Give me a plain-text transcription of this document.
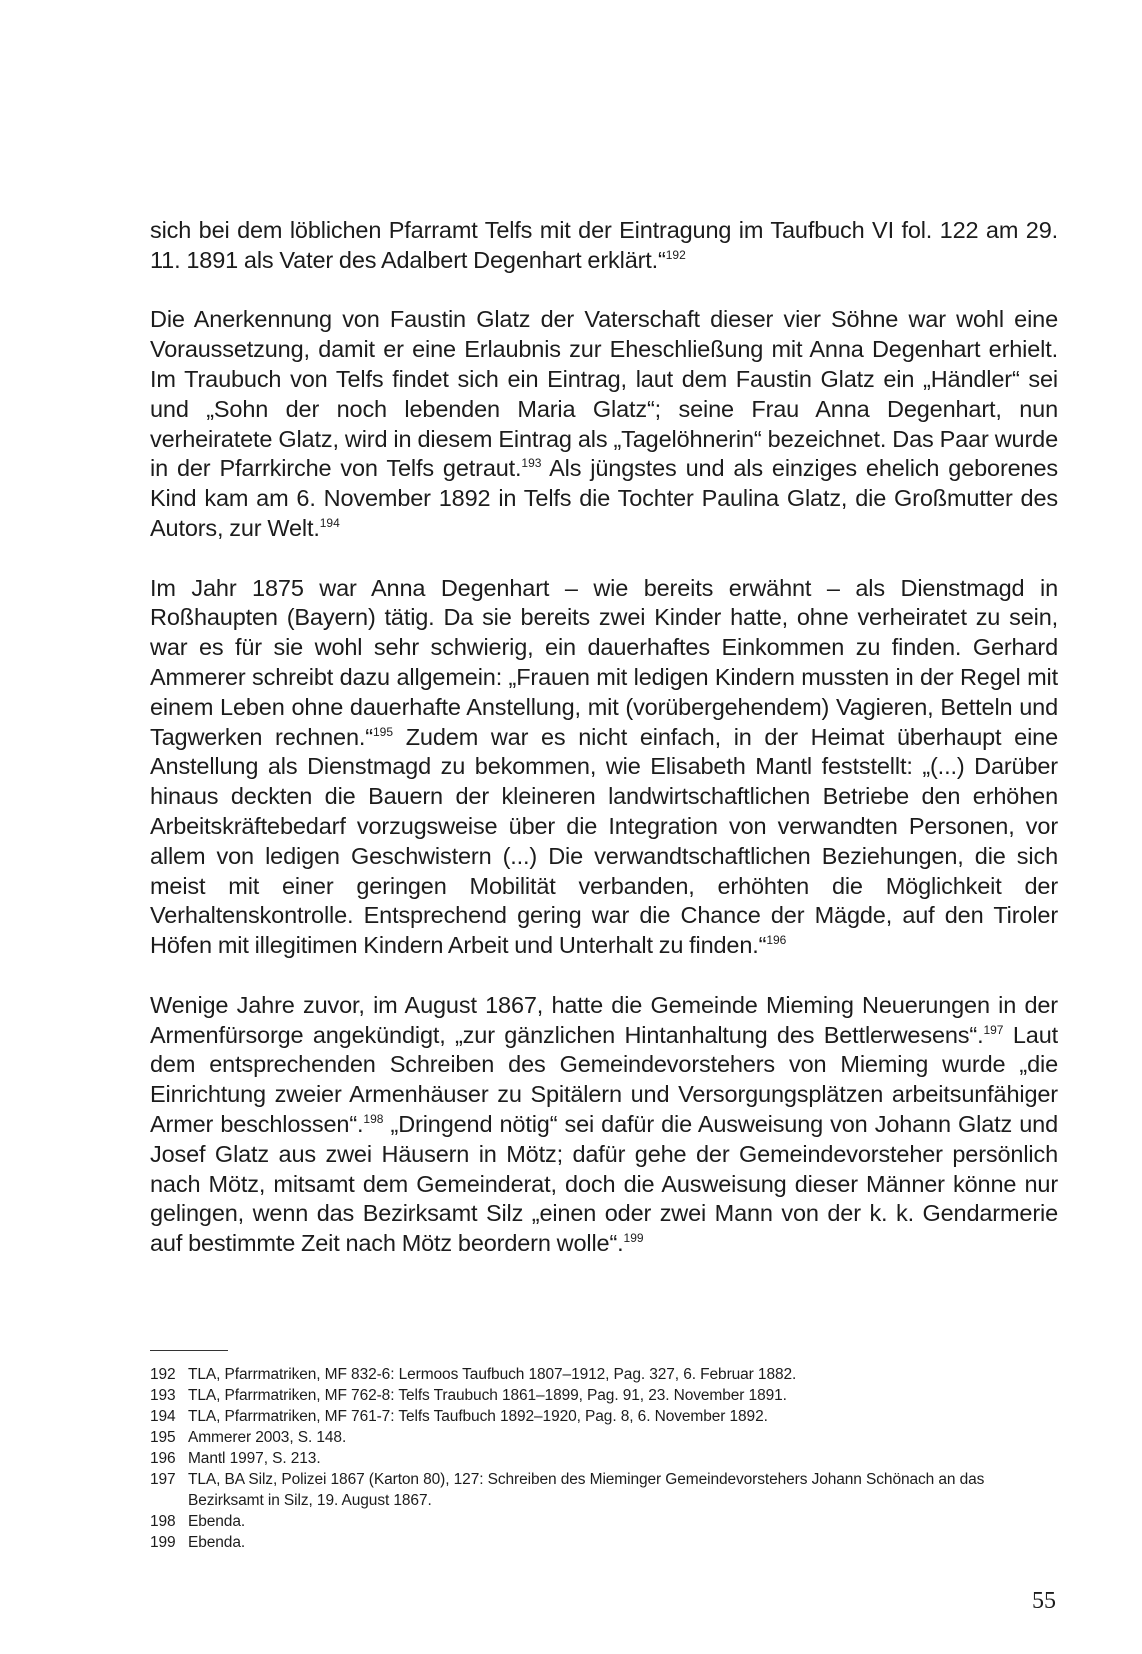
sich bei dem löblichen Pfarramt Telfs mit der Eintragung im Taufbuch VI fol. 122 am 29. 11. 1891 als Vater des Adalbert Degenhart erklärt.“$^{192}$

Die Anerkennung von Faustin Glatz der Vaterschaft dieser vier Söhne war wohl eine Voraussetzung, damit er eine Erlaubnis zur Eheschließung mit Anna Degenhart erhielt. Im Traubuch von Telfs findet sich ein Eintrag, laut dem Faustin Glatz ein „Händler“ sei und „Sohn der noch lebenden Maria Glatz“; seine Frau Anna Degenhart, nun verheiratete Glatz, wird in diesem Eintrag als „Tagelöhnerin“ bezeichnet. Das Paar wurde in der Pfarrkirche von Telfs getraut.$^{193}$ Als jüngstes und als einziges ehelich geborenes Kind kam am 6. November 1892 in Telfs die Tochter Paulina Glatz, die Großmutter des Autors, zur Welt.$^{194}$

Im Jahr 1875 war Anna Degenhart – wie bereits erwähnt – als Dienstmagd in Roßhaupten (Bayern) tätig. Da sie bereits zwei Kinder hatte, ohne verheiratet zu sein, war es für sie wohl sehr schwierig, ein dauerhaftes Einkommen zu finden. Gerhard Ammerer schreibt dazu allgemein: „Frauen mit ledigen Kindern mussten in der Regel mit einem Leben ohne dauerhafte Anstellung, mit (vorübergehendem) Vagieren, Betteln und Tagwerken rechnen.“$^{195}$ Zudem war es nicht einfach, in der Heimat überhaupt eine Anstellung als Dienstmagd zu bekommen, wie Elisabeth Mantl feststellt: „(...) Darüber hinaus deckten die Bauern der kleineren landwirtschaftlichen Betriebe den erhöhen Arbeitskräftebedarf vorzugsweise über die Integration von verwandten Personen, vor allem von ledigen Geschwistern (...) Die verwandtschaftlichen Beziehungen, die sich meist mit einer geringen Mobilität verbanden, erhöhten die Möglichkeit der Verhaltenskontrolle. Entsprechend gering war die Chance der Mägde, auf den Tiroler Höfen mit illegitimen Kindern Arbeit und Unterhalt zu finden.“$^{196}$

Wenige Jahre zuvor, im August 1867, hatte die Gemeinde Mieming Neuerungen in der Armenfürsorge angekündigt, „zur gänzlichen Hintanhaltung des Bettlerwesens“.$^{197}$ Laut dem entsprechenden Schreiben des Gemeindevorstehers von Mieming wurde „die Einrichtung zweier Armenhäuser zu Spitälern und Versorgungsplätzen arbeitsunfähiger Armer beschlossen“.$^{198}$ „Dringend nötig“ sei dafür die Ausweisung von Johann Glatz und Josef Glatz aus zwei Häusern in Mötz; dafür gehe der Gemeindevorsteher persönlich nach Mötz, mitsamt dem Gemeinderat, doch die Ausweisung dieser Männer könne nur gelingen, wenn das Bezirksamt Silz „einen oder zwei Mann von der k. k. Gendarmerie auf bestimmte Zeit nach Mötz beordern wolle“.$^{199}$

192 TLA, Pfarrmatriken, MF 832-6: Lermoos Taufbuch 1807–1912, Pag. 327, 6. Februar 1882.
193 TLA, Pfarrmatriken, MF 762-8: Telfs Traubuch 1861–1899, Pag. 91, 23. November 1891.
194 TLA, Pfarrmatriken, MF 761-7: Telfs Taufbuch 1892–1920, Pag. 8, 6. November 1892.
195 Ammerer 2003, S. 148.
196 Mantl 1997, S. 213.
197 TLA, BA Silz, Polizei 1867 (Karton 80), 127: Schreiben des Mieminger Gemeindevorstehers Johann Schönach an das Bezirksamt in Silz, 19. August 1867.
198 Ebenda.
199 Ebenda.
55
